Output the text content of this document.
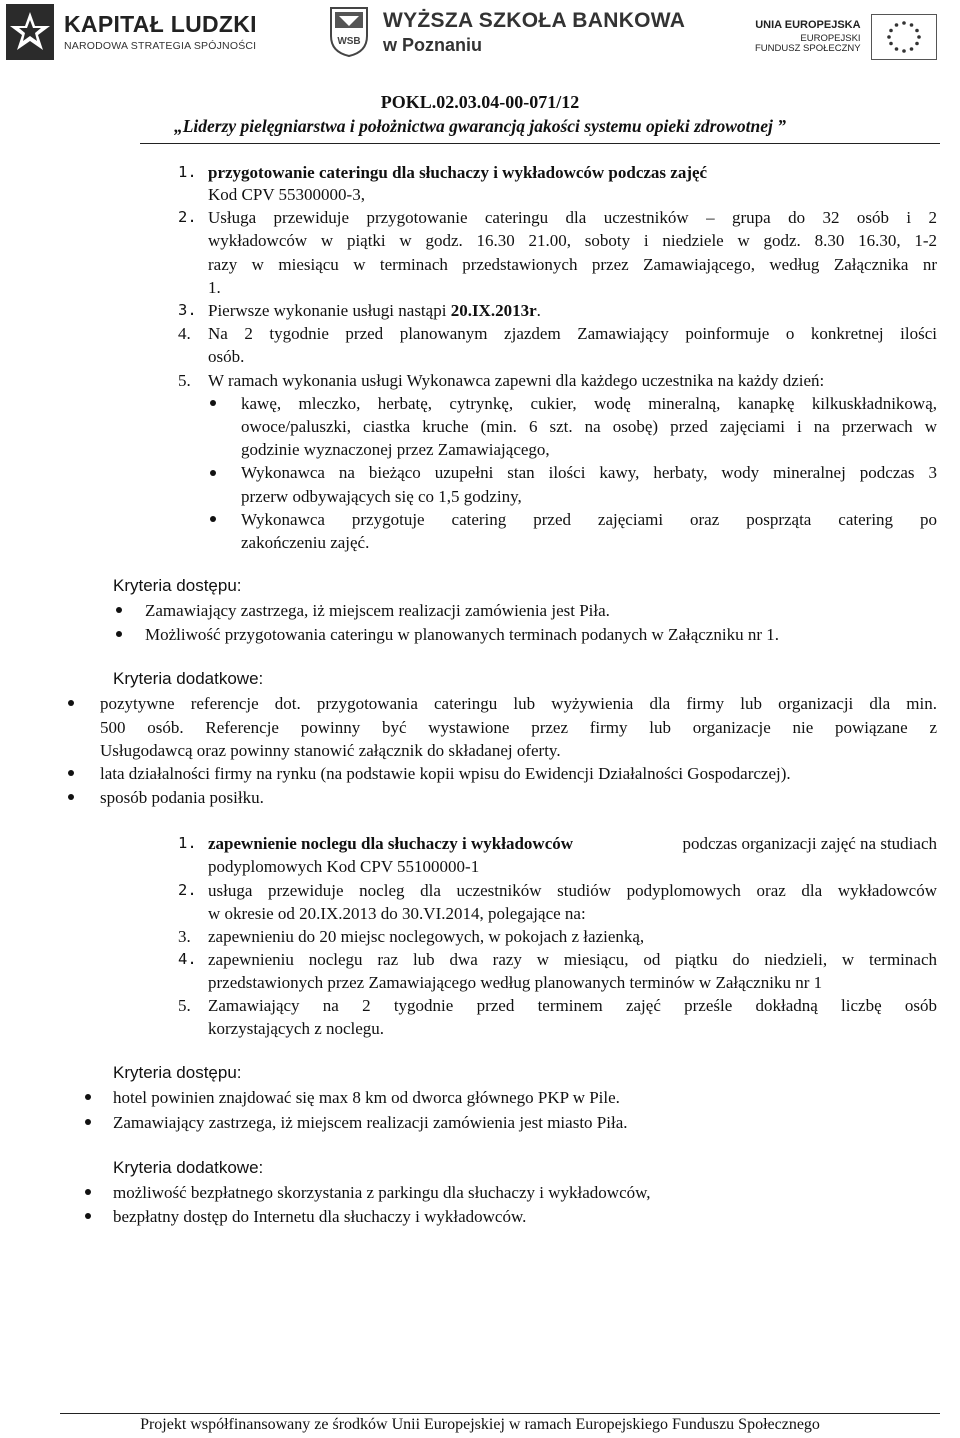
KAPITAŁ LUDZKI
NARODOWA STRATEGIA SPÓJNOŚCI	WSB
WYŻSZA SZKOŁA BANKOWA
w Poznaniu
UNIA EUROPEJSKA
EUROPEJSKI
FUNDUSZ SPOŁECZNY
POKL.02.03.04-00-071/12
„Liderzy pielęgniarstwa i położnictwa gwarancją jakości systemu opieki zdrowotnej ”
1. przygotowanie cateringu dla słuchaczy i wykładowców podczas zajęć
Kod CPV 55300000-3,
2. Usługa przewiduje przygotowanie cateringu dla uczestników – grupa do 32 osób i 2
wykładowców w piątki w godz. 16.30 21.00, soboty i niedziele w godz. 8.30 16.30, 1-2
razy w miesiącu w terminach przedstawionych przez Zamawiającego, według Załącznika nr
1.
3. Pierwsze wykonanie usługi nastąpi 20.IX.2013r.
4. Na 2 tygodnie przed planowanym zjazdem Zamawiający poinformuje o konkretnej ilości
osób.
5. W ramach wykonania usługi Wykonawca zapewni dla każdego uczestnika na każdy dzień:
kawę, mleczko, herbatę, cytrynkę, cukier, wodę mineralną, kanapkę kilkuskładnikową,
owoce/paluszki, ciastka kruche (min. 6 szt. na osobę) przed zajęciami i na przerwach w
godzinie wyznaczonej przez Zamawiającego,
Wykonawca na bieżąco uzupełni stan ilości kawy, herbaty, wody mineralnej podczas 3
przerw odbywających się co 1,5 godziny,
Wykonawca przygotuje catering przed zajęciami oraz posprząta catering po
zakończeniu zajęć.
Kryteria dostępu:
Zamawiający zastrzega, iż miejscem realizacji zamówienia jest Piła.
Możliwość przygotowania cateringu w planowanych terminach podanych w Załączniku nr 1.
Kryteria dodatkowe:
pozytywne referencje dot. przygotowania cateringu lub wyżywienia dla firmy lub organizacji dla min.
500 osób. Referencje powinny być wystawione przez firmy lub organizacje nie powiązane z
Usługodawcą oraz powinny stanowić załącznik do składanej oferty.
lata działalności firmy na rynku (na podstawie kopii wpisu do Ewidencji Działalności Gospodarczej).
sposób podania posiłku.
1. zapewnienie noclegu dla słuchaczy i wykładowców	podczas organizacji zajęć na studiach
podyplomowych Kod CPV 55100000-1
2. usługa przewiduje nocleg dla uczestników studiów podyplomowych oraz dla wykładowców
w okresie od 20.IX.2013 do 30.VI.2014, polegające na:
3. zapewnieniu do 20 miejsc noclegowych, w pokojach z łazienką,
4. zapewnieniu noclegu raz lub dwa razy w miesiącu, od piątku do niedzieli, w terminach
przedstawionych przez Zamawiającego według planowanych terminów w Załączniku nr 1
5. Zamawiający na 2 tygodnie przed terminem zajęć prześle dokładną liczbę osób
korzystających z noclegu.
Kryteria dostępu:
hotel powinien znajdować się max 8 km od dworca głównego PKP w Pile.
Zamawiający zastrzega, iż miejscem realizacji zamówienia jest miasto Piła.
Kryteria dodatkowe:
możliwość bezpłatnego skorzystania z parkingu dla słuchaczy i wykładowców,
bezpłatny dostęp do Internetu dla słuchaczy i wykładowców.
Projekt współfinansowany ze środków Unii Europejskiej w ramach Europejskiego Funduszu Społecznego
